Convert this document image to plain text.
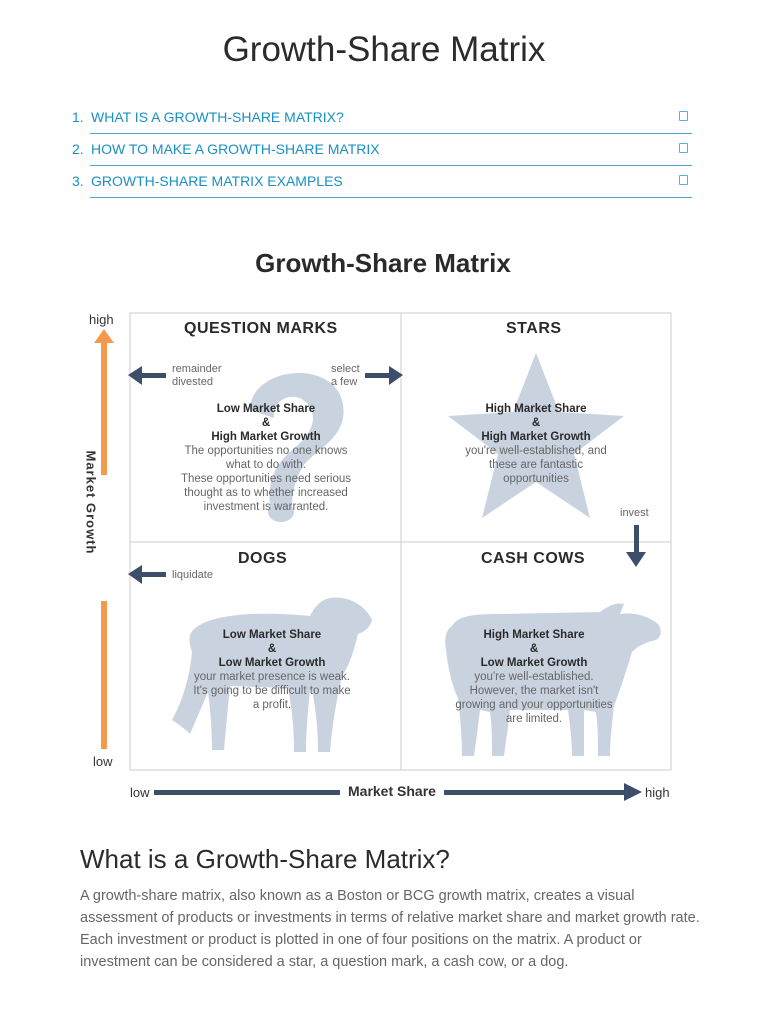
Growth-Share Matrix
1. WHAT IS A GROWTH-SHARE MATRIX?
2. HOW TO MAKE A GROWTH-SHARE MATRIX
3. GROWTH-SHARE MATRIX EXAMPLES
Growth-Share Matrix
high
low
Market Growth
low	high
Market Share
QUESTION MARKS
remainder
divested
select
a few
Low Market Share
&
High Market Growth
The opportunities no one knows
what to do with.
These opportunities need serious
thought as to whether increased
investment is warranted.
STARS
High Market Share
&
High Market Growth
you're well-established, and
these are fantastic
opportunities
invest
DOGS
liquidate
Low Market Share
&
Low Market Growth
your market presence is weak.
It's going to be difficult to make
a profit.
CASH COWS
High Market Share
&
Low Market Growth
you're well-established.
However, the market isn't
growing and your opportunities
are limited.
What is a Growth-Share Matrix?

A growth-share matrix, also known as a Boston or BCG growth matrix, creates a visual assessment of products or investments in terms of relative market share and market growth rate. Each investment or product is plotted in one of four positions on the matrix. A product or investment can be considered a star, a question mark, a cash cow, or a dog.
